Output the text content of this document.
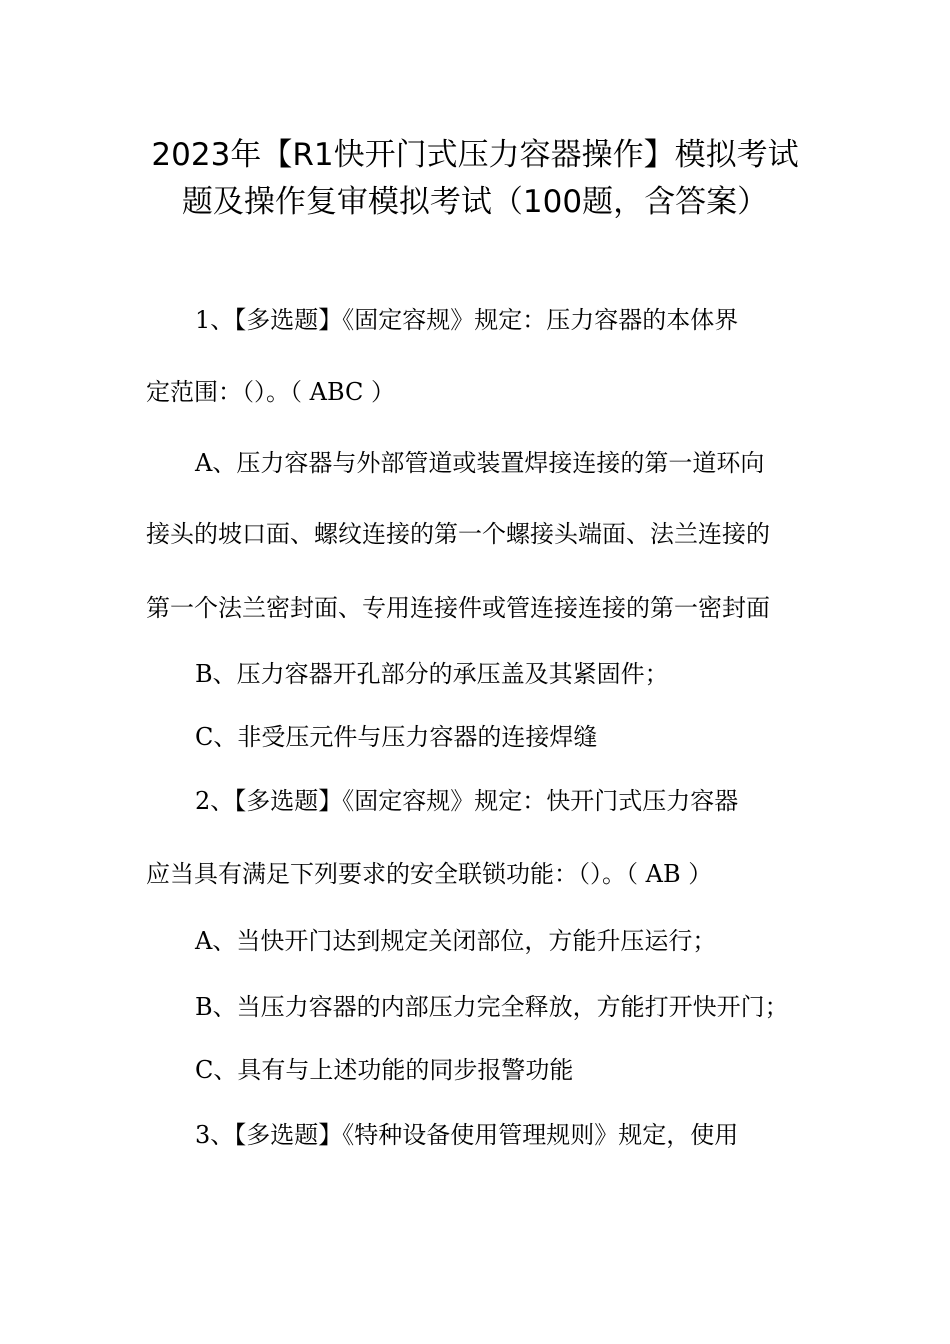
2023年【R1快开门式压力容器操作】模拟考试
题及操作复审模拟考试（100题，含答案）
1、【多选题】《固定容规》规定：压力容器的本体界
定范围：（）。（ ABC ）
A、压力容器与外部管道或装置焊接连接的第一道环向
接头的坡口面、螺纹连接的第一个螺接头端面、法兰连接的
第一个法兰密封面、专用连接件或管连接连接的第一密封面
B、压力容器开孔部分的承压盖及其紧固件；
C、非受压元件与压力容器的连接焊缝
2、【多选题】《固定容规》规定：快开门式压力容器
应当具有满足下列要求的安全联锁功能：（）。（ AB ）
A、当快开门达到规定关闭部位，方能升压运行；
B、当压力容器的内部压力完全释放，方能打开快开门；
C、具有与上述功能的同步报警功能
3、【多选题】《特种设备使用管理规则》规定，使用
